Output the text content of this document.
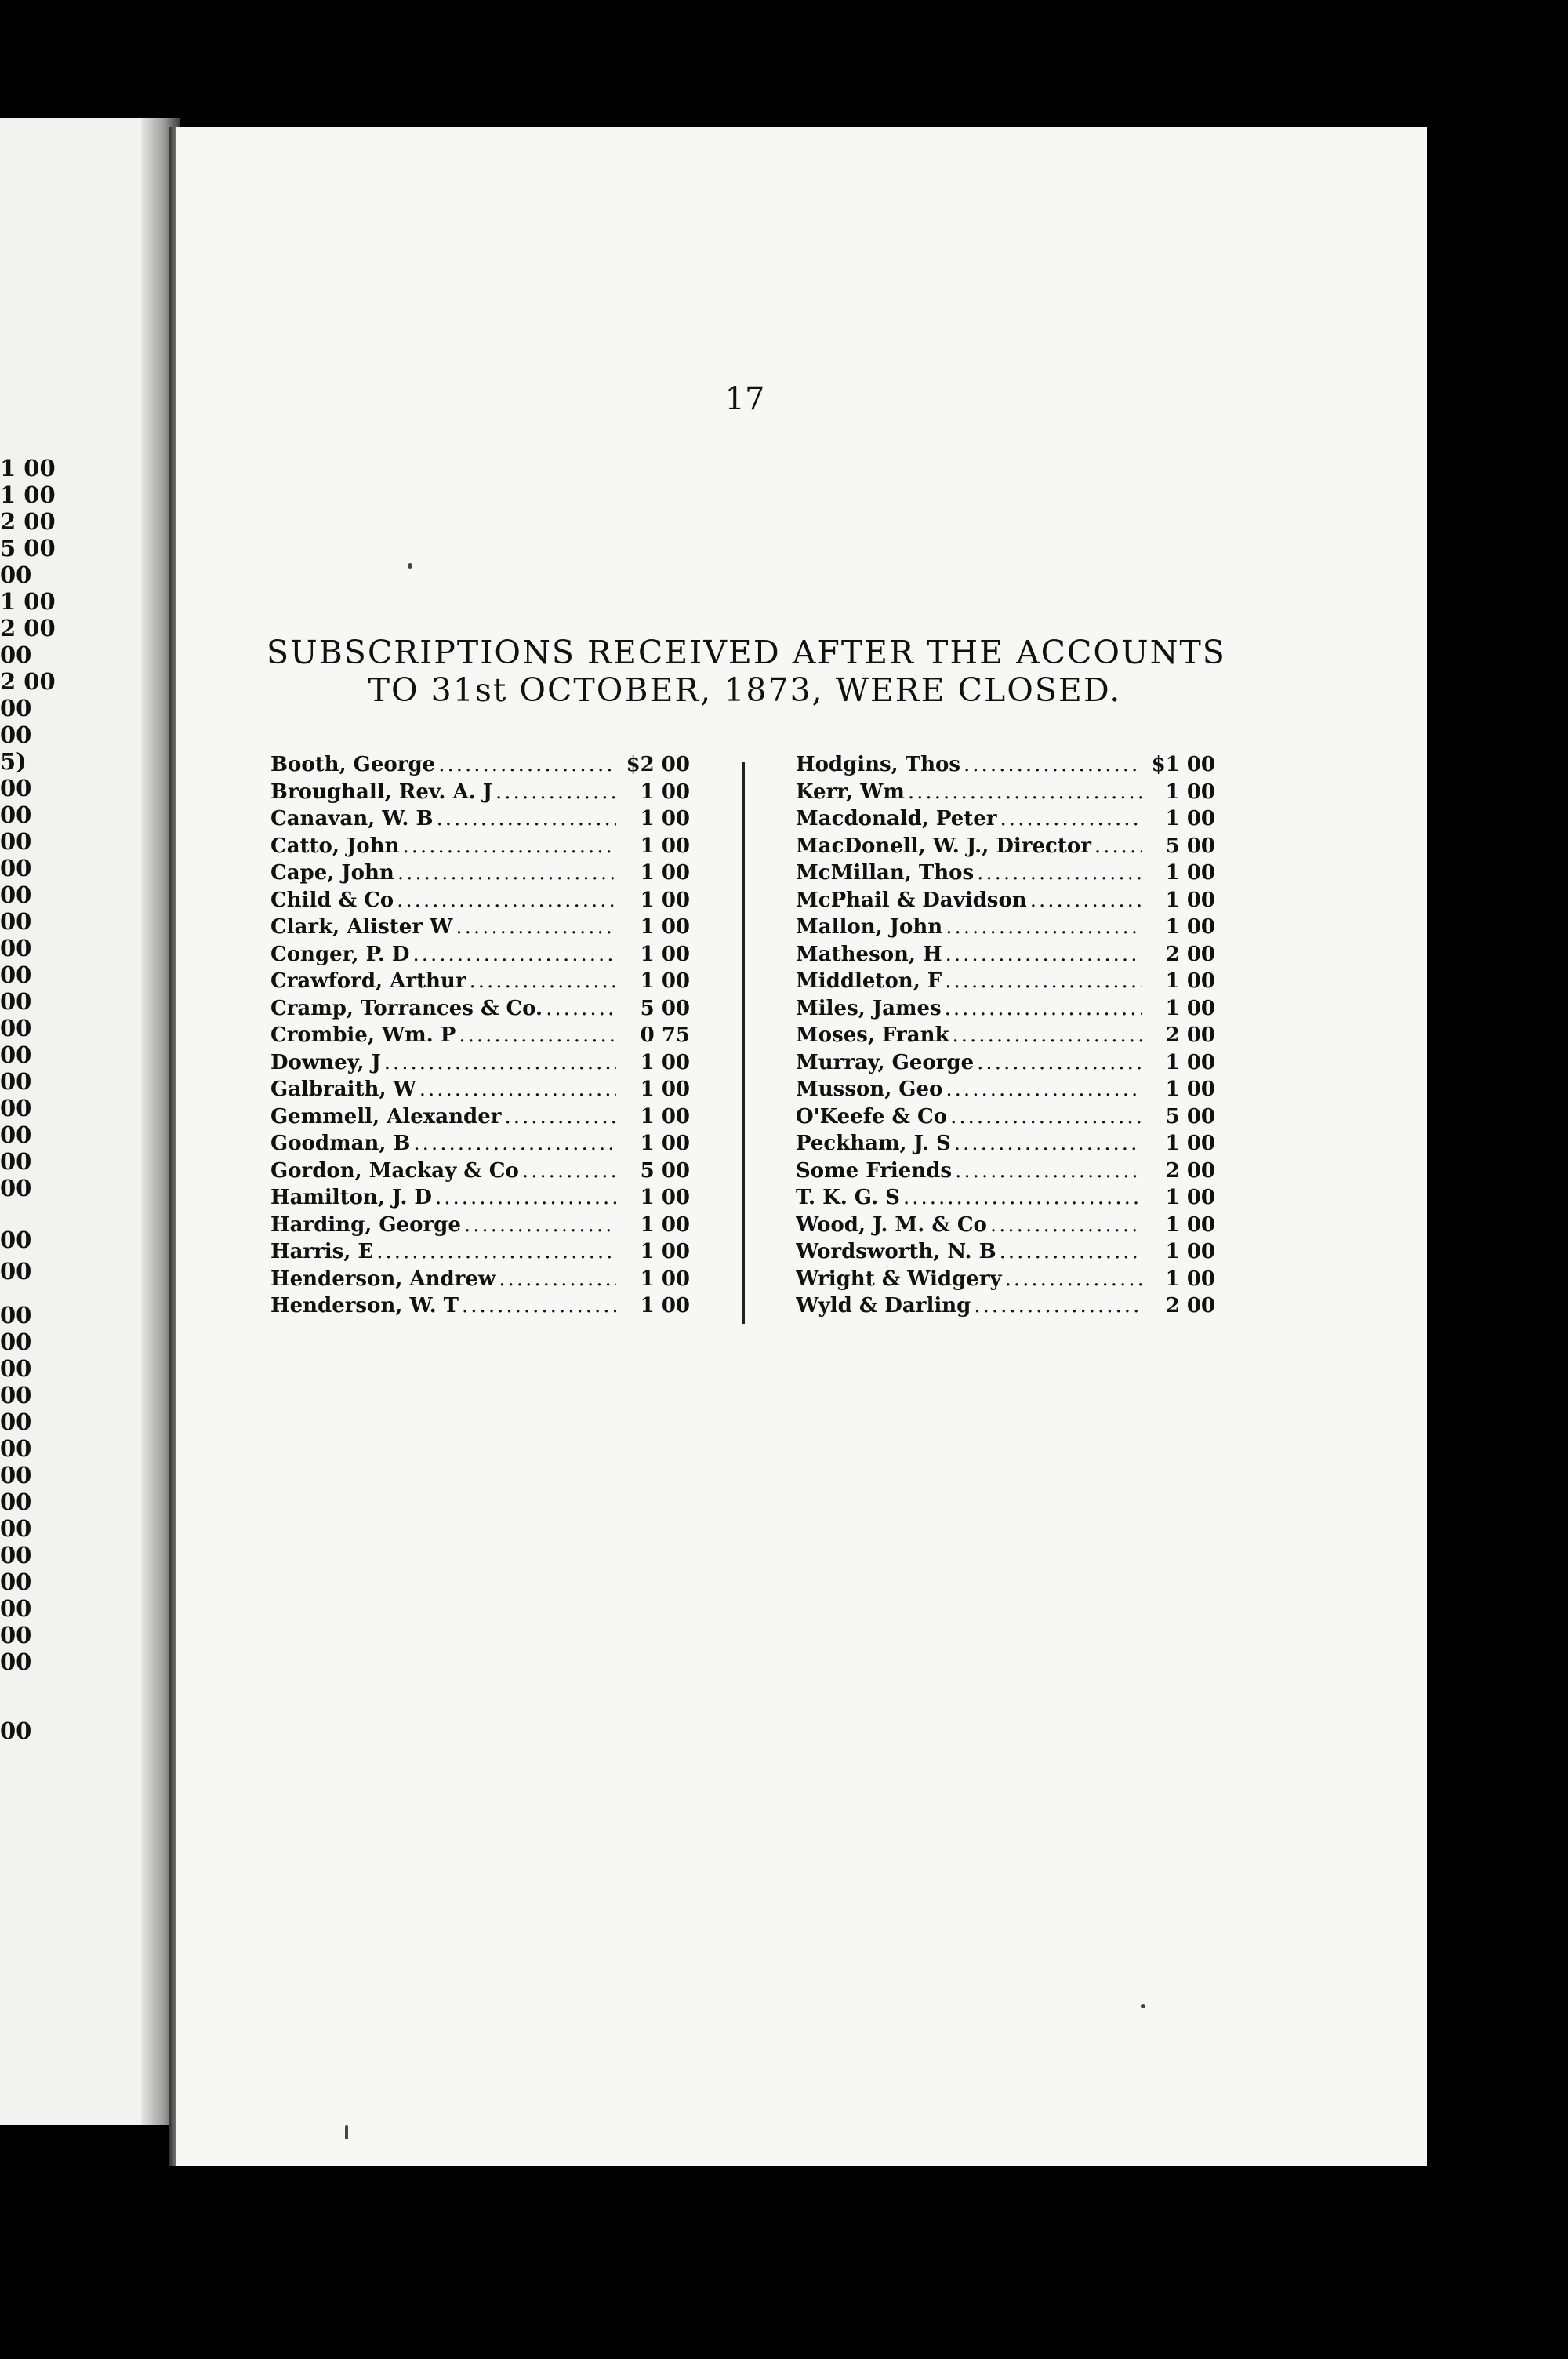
1 00
1 00
2 00
5 00
00
1 00
2 00
00
2 00
00
00
5)
00
00
00
00
00
00
00
00
00
00
00
00
00
00
00
00
00
00
00
00
00
00
00
00
00
00
00
00
00
00
00
00
00
17
SUBSCRIPTIONS RECEIVED AFTER THE ACCOUNTS
TO 31st OCTOBER, 1873, WERE CLOSED.
Booth, George .....	$2 00
Broughall, Rev. A. J .....	1 00
Canavan, W. B .....	1 00
Catto, John .....	1 00
Cape, John .....	1 00
Child & Co .....	1 00
Clark, Alister W .....	1 00
Conger, P. D .....	1 00
Crawford, Arthur .....	1 00
Cramp, Torrances & Co. .....	5 00
Crombie, Wm. P .....	0 75
Downey, J .....	1 00
Galbraith, W .....	1 00
Gemmell, Alexander .....	1 00
Goodman, B .....	1 00
Gordon, Mackay & Co .....	5 00
Hamilton, J. D .....	1 00
Harding, George .....	1 00
Harris, E .....	1 00
Henderson, Andrew .....	1 00
Henderson, W. T .....	1 00
Hodgins, Thos .....	$1 00
Kerr, Wm .....	1 00
Macdonald, Peter .....	1 00
MacDonell, W. J., Director .....	5 00
McMillan, Thos .....	1 00
McPhail & Davidson .....	1 00
Mallon, John .....	1 00
Matheson, H .....	2 00
Middleton, F .....	1 00
Miles, James .....	1 00
Moses, Frank .....	2 00
Murray, George .....	1 00
Musson, Geo .....	1 00
O'Keefe & Co .....	5 00
Peckham, J. S .....	1 00
Some Friends .....	2 00
T. K. G. S .....	1 00
Wood, J. M. & Co .....	1 00
Wordsworth, N. B .....	1 00
Wright & Widgery .....	1 00
Wyld & Darling .....	2 00
